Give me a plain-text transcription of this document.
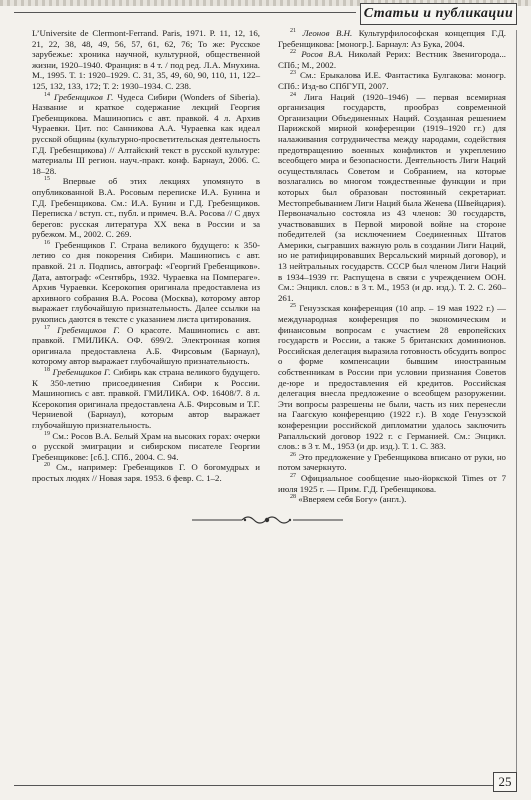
Статьи и публикации

L’Universite de Clermont-Ferrand. Paris, 1971. P. 11, 12, 16, 21, 22, 38, 48, 49, 56, 57, 61, 62, 76; То же: Русское зарубежье: хроника научной, культурной, общественной жизни, 1920–1940. Франция: в 4 т. / под ред. Л.А. Мнухина. М., 1995. Т. 1: 1920–1929. С. 31, 35, 49, 60, 90, 110, 11, 122–125, 132, 133, 172; Т. 2: 1930–1934. С. 238.

$^{14}$ Гребенщиков Г. Чудеса Сибири (Wonders of Siberia). Название и краткое содержание лекций Георгия Гребенщикова. Машинопись с авт. правкой. 4 л. Архив Чураевки. Цит. по: Санникова А.А. Чураевка как идеал русской общины (культурно-просветительская деятельность Г.Д. Гребенщикова) // Алтайский текст в русской культуре: материалы III регион. науч.-практ. конф. Барнаул, 2006. С. 18–28.

$^{15}$ Впервые об этих лекциях упомянуто в опубликованной В.А. Росовым переписке И.А. Бунина и Г.Д. Гребенщикова. См.: И.А. Бунин и Г.Д. Гребенщиков. Переписка / вступ. ст., публ. и примеч. В.А. Росова // С двух берегов: русская литература XX века в России и за рубежом. М., 2002. С. 269.

$^{16}$ Гребенщиков Г. Страна великого будущего: к 350-летию со дня покорения Сибири. Машинопись с авт. правкой. 21 л. Подпись, автограф: «Георгий Гребенщиков». Дата, автограф: «Сентябрь, 1932. Чураевка на Помпераге». Архив Чураевки. Ксерокопия оригинала предоставлена из архивного собрания В.А. Росова (Москва), которому автор выражает глубочайшую признательность. Далее ссылки на рукопись даются в тексте с указанием листа цитирования.

$^{17}$ Гребенщиков Г. О красоте. Машинопись с авт. правкой. ГМИЛИКА. ОФ. 699/2. Электронная копия оригинала предоставлена А.Б. Фирсовым (Барнаул), которому автор выражает глубочайшую признательность.

$^{18}$ Гребенщиков Г. Сибирь как страна великого будущего. К 350-летию присоединения Сибири к России. Машинопись с авт. правкой. ГМИЛИКА. ОФ. 16408/7. 8 л. Ксерокопия оригинала предоставлена А.Б. Фирсовым и Т.Г. Черниевой (Барнаул), которым автор выражает глубочайшую признательность.

$^{19}$ См.: Росов В.А. Белый Храм на высоких горах: очерки о русской эмиграции и сибирском писателе Георгии Гребенщикове: [сб.]. СПб., 2004. С. 94.

$^{20}$ См., например: Гребенщиков Г. О богомудрых и простых людях // Новая заря. 1953. 6 февр. С. 1–2.

$^{21}$ Леонов В.Н. Культурфилософская концепция Г.Д. Гребенщикова: [моногр.]. Барнаул: Аз Бука, 2004.

$^{22}$ Росов В.А. Николай Рерих: Вестник Звенигорода... СПб.; М., 2002.

$^{23}$ См.: Ерыкалова И.Е. Фантастика Булгакова: моногр. СПб.: Изд-во СПбГУП, 2007.

$^{24}$ Лига Наций (1920–1946) — первая всемирная организация государств, прообраз современной Организации Объединенных Наций. Созданная решением Парижской мирной конференции (1919–1920 гг.) для налаживания сотрудничества между народами, содействия предотвращению военных конфликтов и укреплению всеобщего мира и безопасности. Деятельность Лиги Наций осуществлялась Советом и Собранием, на которые возлагались во многом тождественные функции и при которых был образован постоянный секретариат. Местопребыванием Лиги Наций была Женева (Швейцария). Первоначально состояла из 43 членов: 30 государств, участвовавших в Первой мировой войне на стороне победителей (за исключением Соединенных Штатов Америки, сыгравших важную роль в создании Лиги Наций, но не ратифицировавших Версальский мирный договор), и 13 нейтральных государств. СССР был членом Лиги Наций в 1934–1939 гг. Распущена в связи с учреждением ООН. См.: Энцикл. слов.: в 3 т. М., 1953 (и др. изд.). Т. 2. С. 260–261.

$^{25}$ Генуэзская конференция (10 апр. – 19 мая 1922 г.) — международная конференция по экономическим и финансовым вопросам с участием 28 европейских государств и России, а также 5 британских доминионов. Российская делегация выразила готовность обсудить вопрос о форме компенсации бывшим иностранным собственникам в России при условии признания Советов де-юре и предоставления ей кредитов. Российская делегация внесла предложение о всеобщем разоружении. Эти вопросы разрешены не были, часть из них перенесли на Гаагскую конференцию (1922 г.). В ходе Генуэзской конференции российской дипломатии удалось заключить Рапалльский договор 1922 г. с Германией. См.: Энцикл. слов.: в 3 т. М., 1953 (и др. изд.). Т. 1. С. 383.

$^{26}$ Это предложение у Гребенщикова вписано от руки, но потом зачеркнуто.

$^{27}$ Официальное сообщение нью-йоркской Times от 7 июля 1925 г. — Прим. Г.Д. Гребенщикова.

$^{28}$ «Вверяем себя Богу» (англ.).

25
